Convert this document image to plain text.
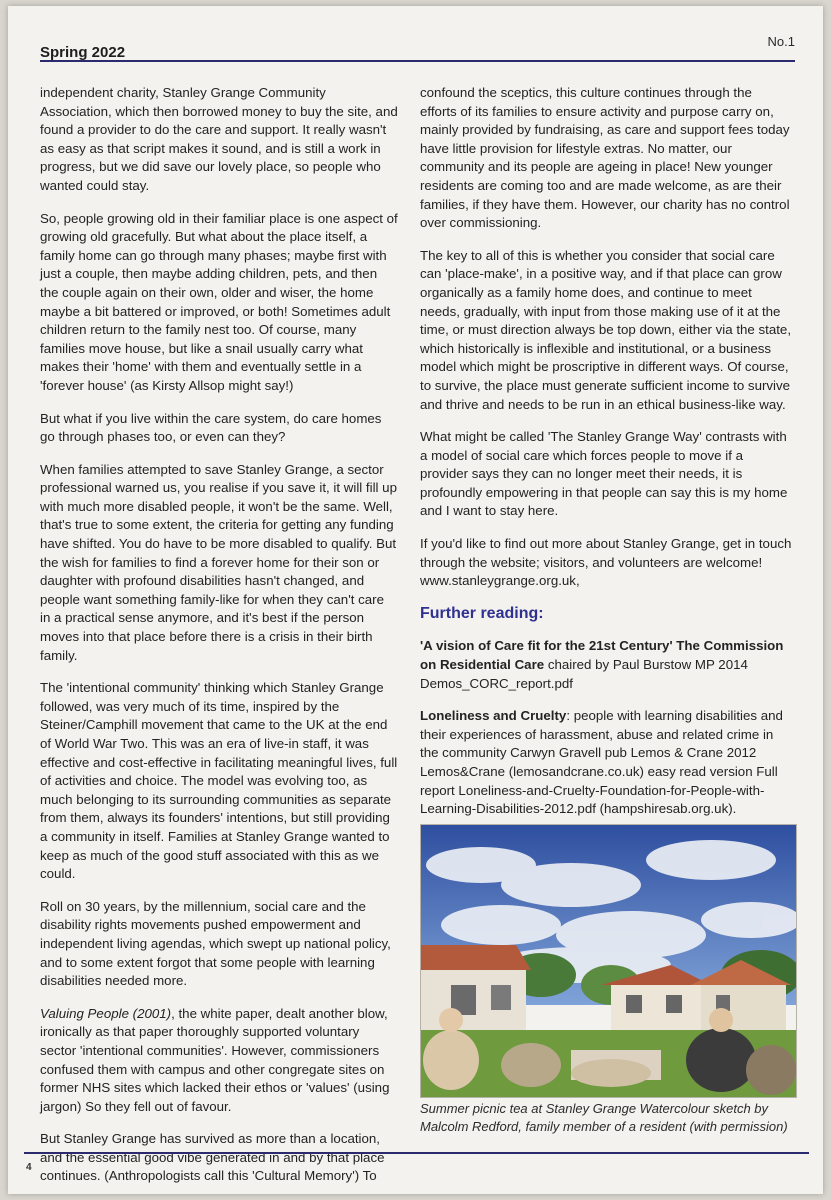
Spring 2022
No.1

independent charity, Stanley Grange Community Association, which then borrowed money to buy the site, and found a provider to do the care and support. It really wasn't as easy as that script makes it sound, and is still a work in progress, but we did save our lovely place, so people who wanted could stay.

So, people growing old in their familiar place is one aspect of growing old gracefully. But what about the place itself, a family home can go through many phases; maybe first with just a couple, then maybe adding children, pets, and then the couple again on their own, older and wiser, the home maybe a bit battered or improved, or both! Sometimes adult children return to the family nest too. Of course, many families move house, but like a snail usually carry what makes their 'home' with them and eventually settle in a 'forever house' (as Kirsty Allsop might say!)

But what if you live within the care system, do care homes go through phases too, or even can they?

When families attempted to save Stanley Grange, a sector professional warned us, you realise if you save it, it will fill up with much more disabled people, it won't be the same. Well, that's true to some extent, the criteria for getting any funding have shifted. You do have to be more disabled to qualify. But the wish for families to find a forever home for their son or daughter with profound disabilities hasn't changed, and people want something family-like for when they can't care in a practical sense anymore, and it's best if the person moves into that place before there is a crisis in their birth family.

The 'intentional community' thinking which Stanley Grange followed, was very much of its time, inspired by the Steiner/Camphill movement that came to the UK at the end of World War Two. This was an era of live-in staff, it was effective and cost-effective in facilitating meaningful lives, full of activities and choice. The model was evolving too, as much belonging to its surrounding communities as separate from them, always its founders' intentions, but still providing a community in itself. Families at Stanley Grange wanted to keep as much of the good stuff associated with this as we could.

Roll on 30 years, by the millennium, social care and the disability rights movements pushed empowerment and independent living agendas, which swept up national policy, and to some extent forgot that some people with learning disabilities needed more.

Valuing People (2001), the white paper, dealt another blow, ironically as that paper thoroughly supported voluntary sector 'intentional communities'. However, commissioners confused them with campus and other congregate sites on former NHS sites which lacked their ethos or 'values' (using jargon) So they fell out of favour.

But Stanley Grange has survived as more than a location, and the essential good vibe generated in and by that place continues. (Anthropologists call this 'Cultural Memory') To

confound the sceptics, this culture continues through the efforts of its families to ensure activity and purpose carry on, mainly provided by fundraising, as care and support fees today have little provision for lifestyle extras. No matter, our community and its people are ageing in place! New younger residents are coming too and are made welcome, as are their families, if they have them. However, our charity has no control over commissioning.

The key to all of this is whether you consider that social care can 'place-make', in a positive way, and if that place can grow organically as a family home does, and continue to meet needs, gradually, with input from those making use of it at the time, or must direction always be top down, either via the state, which historically is inflexible and institutional, or a business model which might be proscriptive in different ways. Of course, to survive, the place must generate sufficient income to survive and thrive and needs to be run in an ethical business-like way.

What might be called 'The Stanley Grange Way' contrasts with a model of social care which forces people to move if a provider says they can no longer meet their needs, it is profoundly empowering in that people can say this is my home and I want to stay here.

If you'd like to find out more about Stanley Grange, get in touch through the website; visitors, and volunteers are welcome! www.stanleygrange.org.uk,

Further reading:

'A vision of Care fit for the 21st Century' The Commission on Residential Care chaired by Paul Burstow MP 2014 Demos_CORC_report.pdf

Loneliness and Cruelty: people with learning disabilities and their experiences of harassment, abuse and related crime in the community Carwyn Gravell pub Lemos & Crane 2012 Lemos&Crane (lemosandcrane.co.uk) easy read version Full report Loneliness-and-Cruelty-Foundation-for-People-with-Learning-Disabilities-2012.pdf (hampshiresab.org.uk).

Summer picnic tea at Stanley Grange Watercolour sketch by Malcolm Redford, family member of a resident (with permission)
4
